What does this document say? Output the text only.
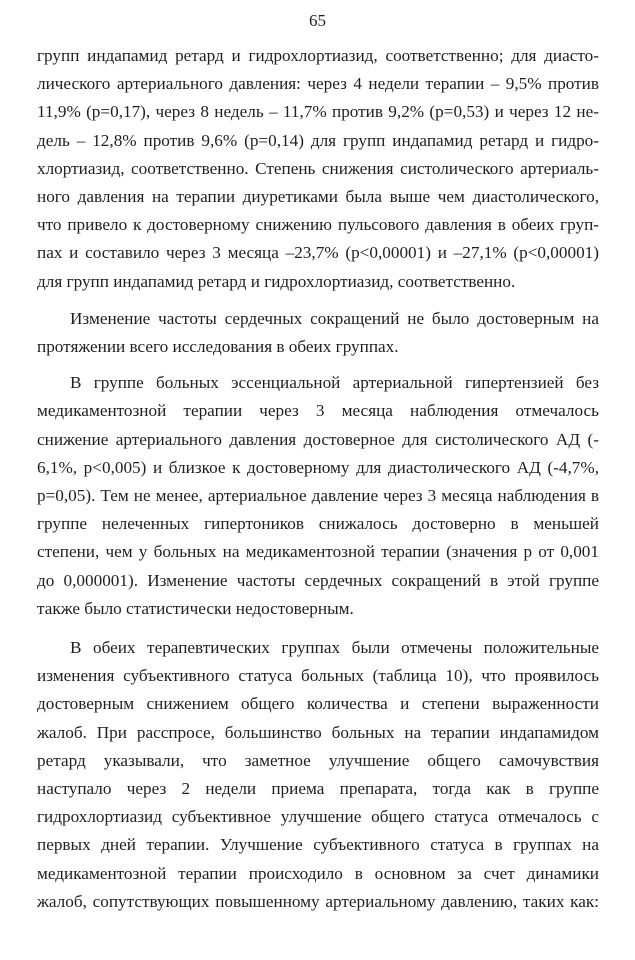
65

групп индапамид ретард и гидрохлортиазид, соответственно; для диасто-
лического артериального давления: через 4 недели терапии – 9,5% против
11,9% (p=0,17), через 8 недель – 11,7% против 9,2% (p=0,53) и через 12 не-
дель – 12,8% против 9,6% (p=0,14) для групп индапамид ретард и гидро-
хлортиазид, соответственно. Степень снижения систолического артериаль-
ного давления на терапии диуретиками была выше чем диастолического,
что привело к достоверному снижению пульсового давления в обеих груп-
пах и составило через 3 месяца –23,7% (p<0,00001) и –27,1% (p<0,00001)
для групп индапамид ретард и гидрохлортиазид, соответственно.

Изменение частоты сердечных сокращений не было достоверным на
протяжении всего исследования в обеих группах.

В группе больных эссенциальной артериальной гипертензией без
медикаментозной терапии через 3 месяца наблюдения отмечалось
снижение артериального давления достоверное для систолического АД (-
6,1%, p<0,005) и близкое к достоверному для диастолического АД (-4,7%,
p=0,05). Тем не менее, артериальное давление через 3 месяца наблюдения в
группе нелеченных гипертоников снижалось достоверно в меньшей
степени, чем у больных на медикаментозной терапии (значения p от 0,001
до 0,000001). Изменение частоты сердечных сокращений в этой группе
также было статистически недостоверным.

В обеих терапевтических группах были отмечены положительные
изменения субъективного статуса больных (таблица 10), что проявилось
достоверным снижением общего количества и степени выраженности
жалоб. При расспросе, большинство больных на терапии индапамидом
ретард указывали, что заметное улучшение общего самочувствия
наступало через 2 недели приема препарата, тогда как в группе
гидрохлортиазид субъективное улучшение общего статуса отмечалось с
первых дней терапии. Улучшение субъективного статуса в группах на
медикаментозной терапии происходило в основном за счет динамики
жалоб, сопутствующих повышенному артериальному давлению, таких как:
